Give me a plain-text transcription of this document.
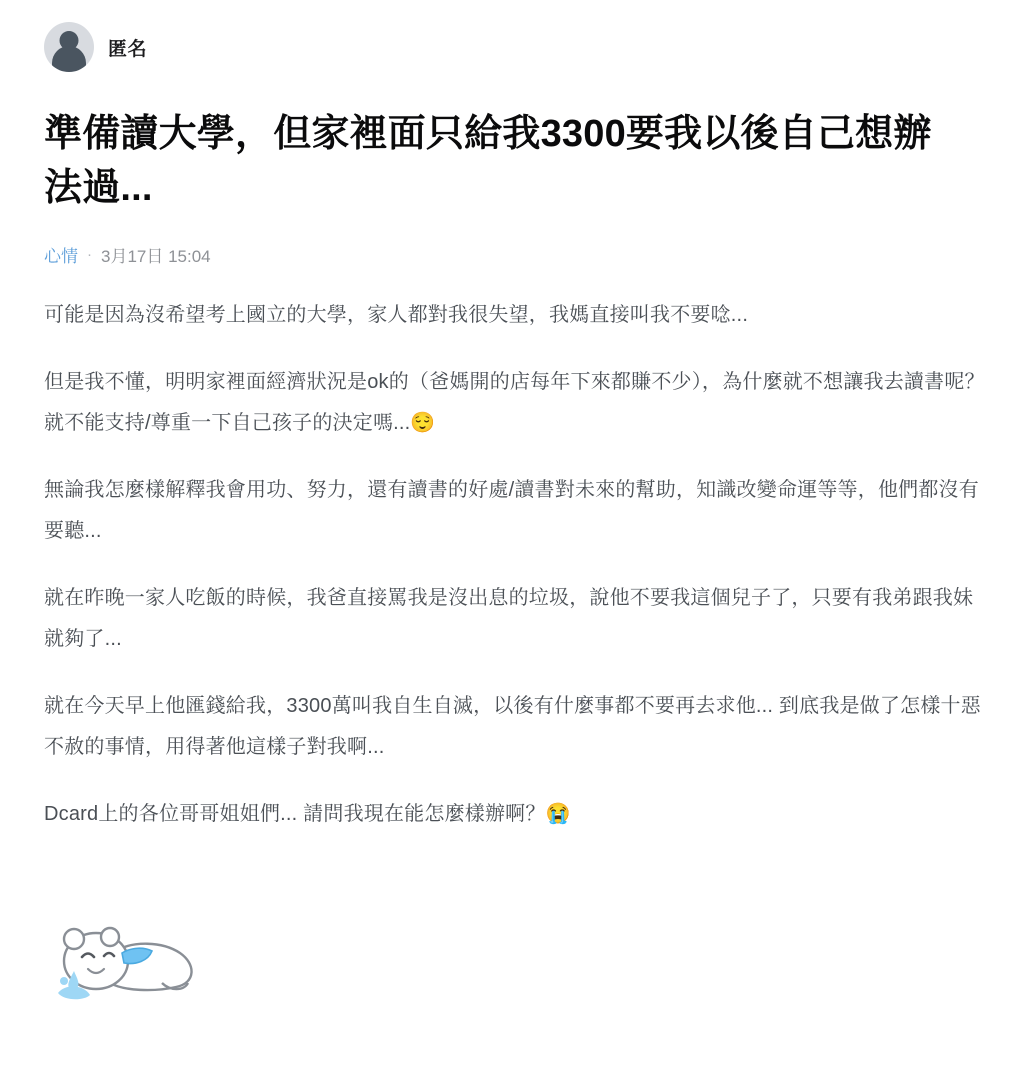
匿名
準備讀大學，但家裡面只給我3300要我以後自己想辦法過...
心情 · 3月17日 15:04

可能是因為沒希望考上國立的大學，家人都對我很失望，我媽直接叫我不要唸...

但是我不懂，明明家裡面經濟狀況是ok的（爸媽開的店每年下來都賺不少），為什麼就不想讓我去讀書呢？就不能支持/尊重一下自己孩子的決定嗎...😌

無論我怎麼樣解釋我會用功、努力，還有讀書的好處/讀書對未來的幫助，知識改變命運等等，他們都沒有要聽...

就在昨晚一家人吃飯的時候，我爸直接罵我是沒出息的垃圾，說他不要我這個兒子了，只要有我弟跟我妹就夠了...

就在今天早上他匯錢給我，3300萬叫我自生自滅，以後有什麼事都不要再去求他... 到底我是做了怎樣十惡不赦的事情，用得著他這樣子對我啊...

Dcard上的各位哥哥姐姐們... 請問我現在能怎麼樣辦啊？😭
